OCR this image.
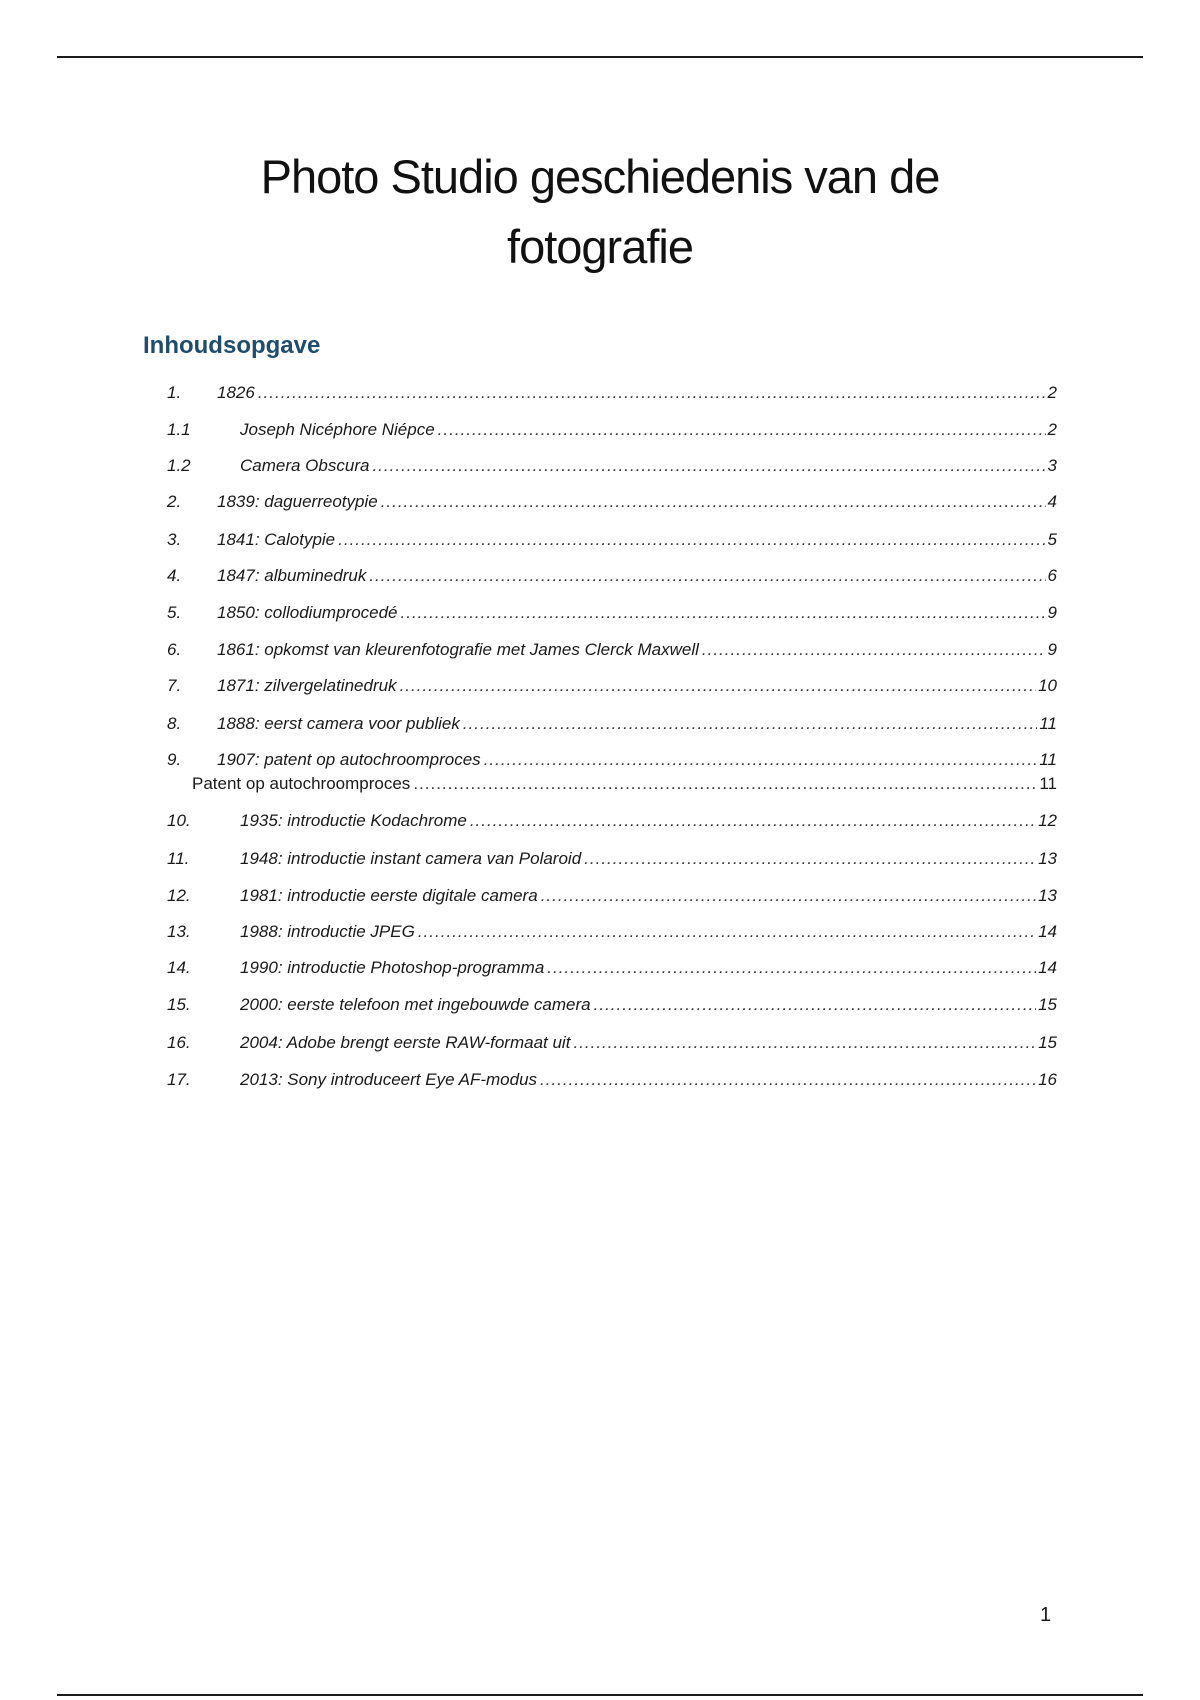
Photo Studio geschiedenis van de
fotografie
Inhoudsopgave
1.	1826 .....	2
1.1	Joseph Nicéphore Niépce .....	2
1.2	Camera Obscura .....	3
2.	1839: daguerreotypie .....	4
3.	1841: Calotypie .....	5
4.	1847: albuminedruk .....	6
5.	1850: collodiumprocedé .....	9
6.	1861: opkomst van kleurenfotografie met James Clerck Maxwell .....	9
7.	1871: zilvergelatinedruk .....	10
8.	1888: eerst camera voor publiek .....	11
9.	1907: patent op autochroomproces .....	11
Patent op autochroomproces .....	11
10.	1935: introductie Kodachrome .....	12
11.	1948: introductie instant camera van Polaroid .....	13
12.	1981: introductie eerste digitale camera .....	13
13.	1988: introductie JPEG .....	14
14.	1990: introductie Photoshop-programma .....	14
15.	2000: eerste telefoon met ingebouwde camera .....	15
16.	2004: Adobe brengt eerste RAW-formaat uit .....	15
17.	2013: Sony introduceert Eye AF-modus .....	16
1
